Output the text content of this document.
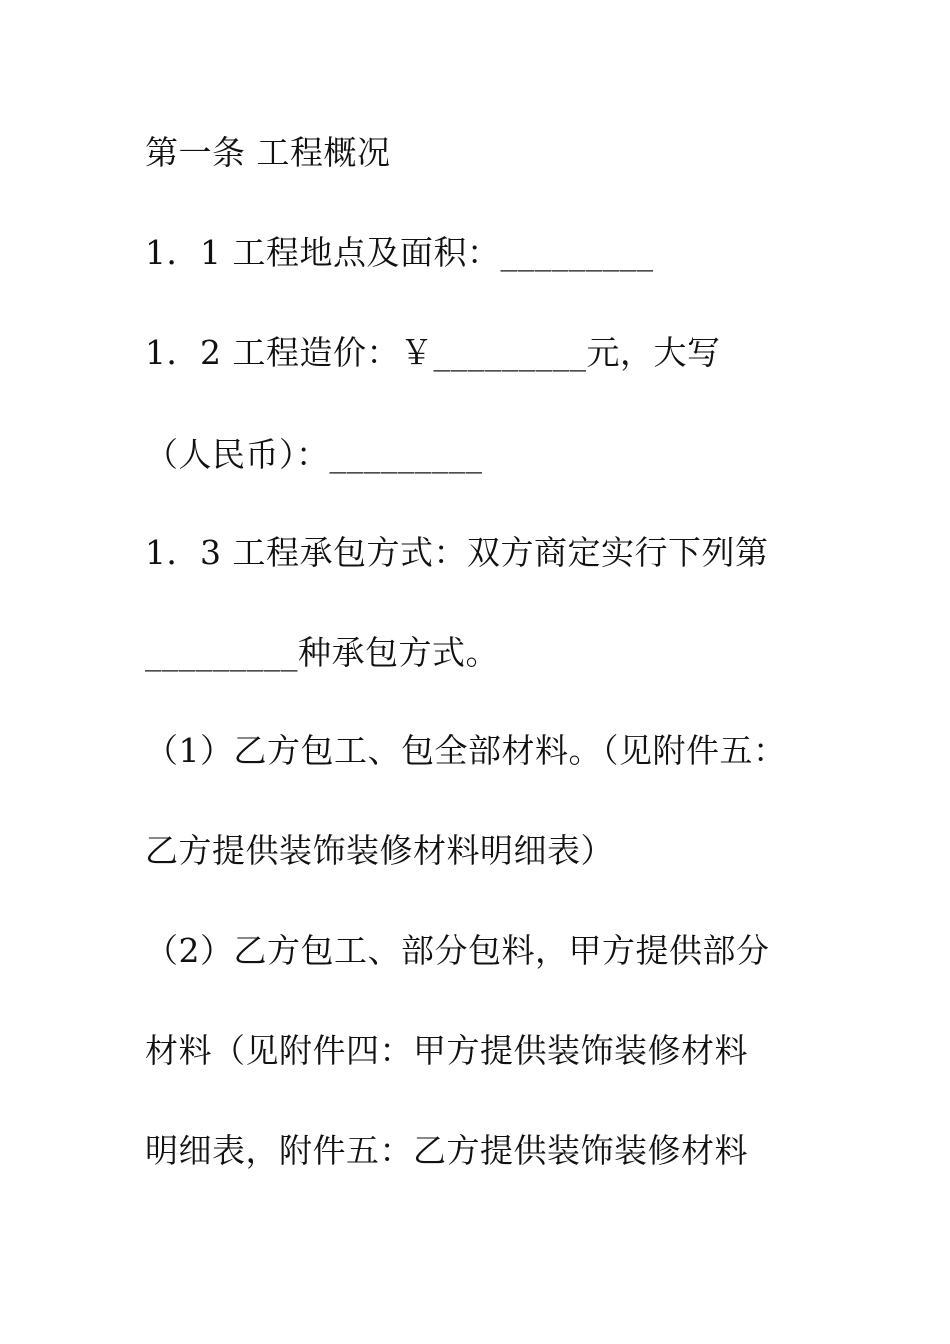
第一条 工程概况
1．1 工程地点及面积：_________
1．2 工程造价：￥_________元，大写
（人民币）：_________
1．3 工程承包方式：双方商定实行下列第
_________种承包方式。
（1）乙方包工、包全部材料。（见附件五：
乙方提供装饰装修材料明细表）
（2）乙方包工、部分包料，甲方提供部分
材料（见附件四：甲方提供装饰装修材料
明细表，附件五：乙方提供装饰装修材料
